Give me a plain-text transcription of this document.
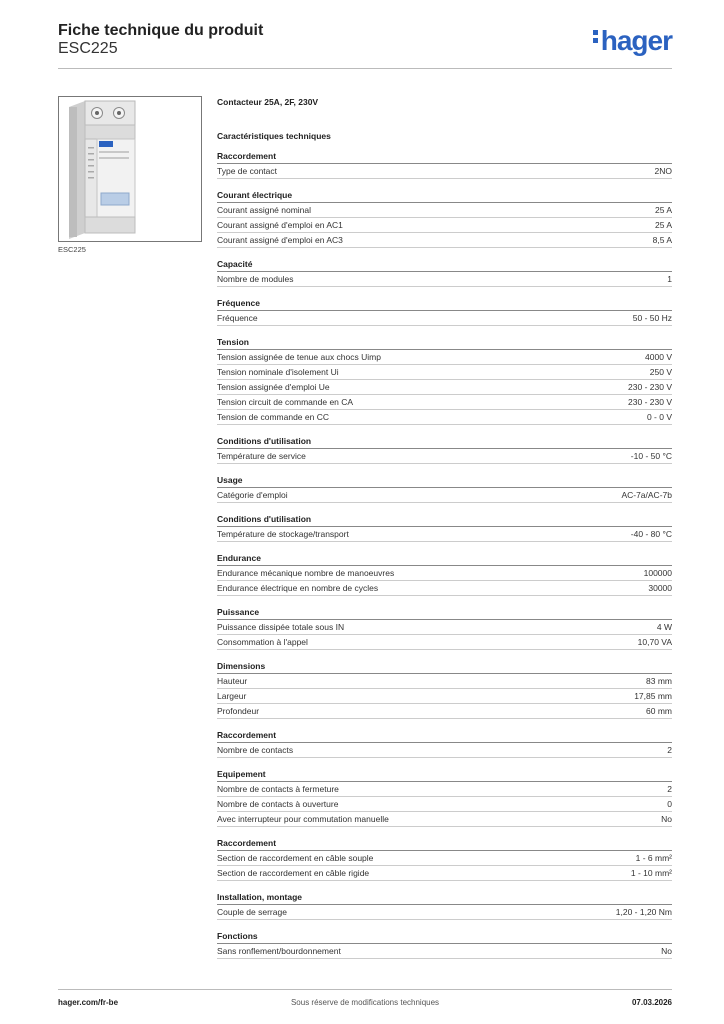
Fiche technique du produit
ESC225	hager
ESC225
Contacteur 25A, 2F, 230V
Caractéristiques techniques
Raccordement
Type de contact	2NO
Courant électrique
Courant assigné nominal	25 A
Courant assigné d'emploi en AC1	25 A
Courant assigné d'emploi en AC3	8,5 A
Capacité
Nombre de modules	1
Fréquence
Fréquence	50 - 50 Hz
Tension
Tension assignée de tenue aux chocs Uimp	4000 V
Tension nominale d'isolement Ui	250 V
Tension assignée d'emploi Ue	230 - 230 V
Tension circuit de commande en CA	230 - 230 V
Tension de commande en CC	0 - 0 V
Conditions d'utilisation
Température de service	-10 - 50 °C
Usage
Catégorie d'emploi	AC-7a/AC-7b
Conditions d'utilisation
Température de stockage/transport	-40 - 80 °C
Endurance
Endurance mécanique nombre de manoeuvres	100000
Endurance électrique en nombre de cycles	30000
Puissance
Puissance dissipée totale sous IN	4 W
Consommation à l'appel	10,70 VA
Dimensions
Hauteur	83 mm
Largeur	17,85 mm
Profondeur	60 mm
Raccordement
Nombre de contacts	2
Equipement
Nombre de contacts à fermeture	2
Nombre de contacts à ouverture	0
Avec interrupteur pour commutation manuelle	No
Raccordement
Section de raccordement en câble souple	1 - 6 mm²
Section de raccordement en câble rigide	1 - 10 mm²
Installation, montage
Couple de serrage	1,20 - 1,20 Nm
Fonctions
Sans ronflement/bourdonnement	No
hager.com/fr-be	Sous réserve de modifications techniques	07.03.2026
